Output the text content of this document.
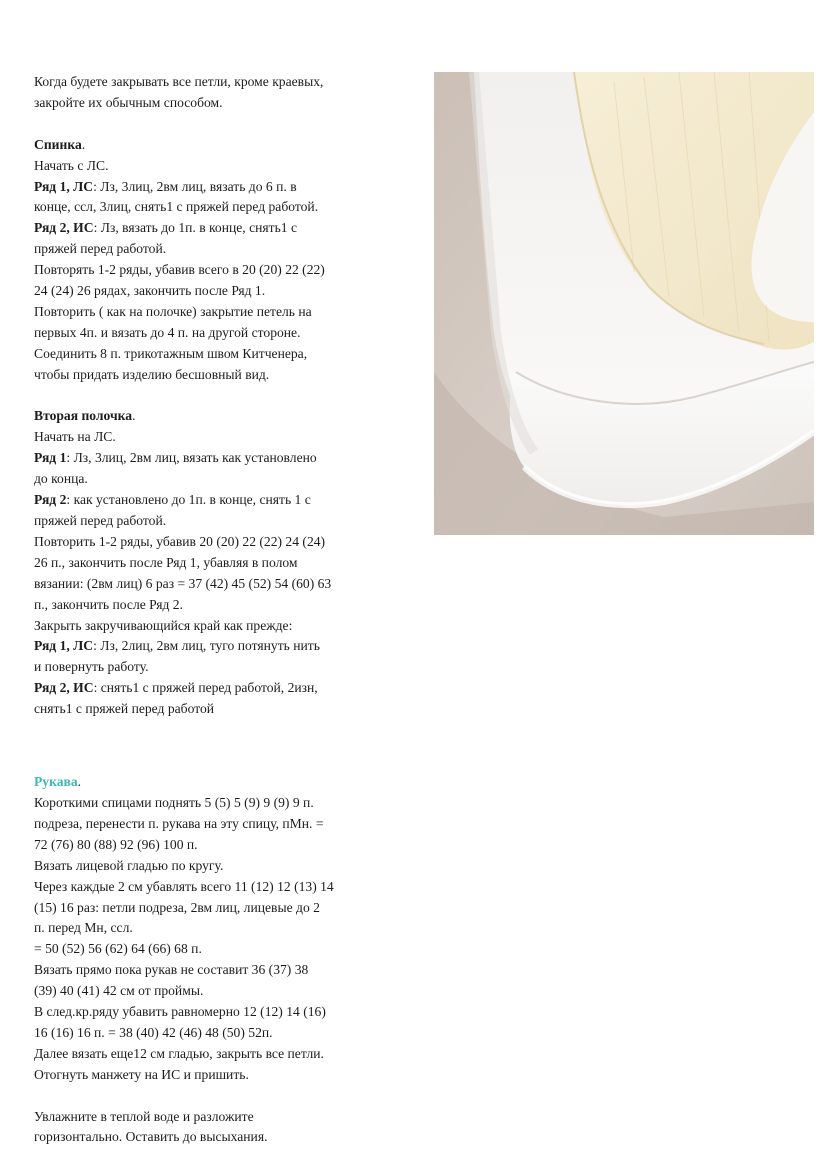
Когда будете закрывать все петли, кроме краевых,

закройте их обычным способом.

Спинка.

Начать с ЛС.

Ряд 1, ЛС: Лз, 3лиц, 2вм лиц, вязать до 6 п. в

конце, ссл, 3лиц, снять1 с пряжей перед работой.

Ряд 2, ИС: Лз, вязать до 1п. в конце, снять1 с

пряжей перед работой.

Повторять 1-2 ряды, убавив всего в 20 (20) 22 (22)

24 (24) 26 рядах, закончить после Ряд 1.

Повторить ( как на полочке) закрытие петель на

первых 4п. и вязать до 4 п. на другой стороне.

Соединить 8 п. трикотажным швом Китченера,

чтобы придать изделию бесшовный вид.

Вторая полочка.

Начать на ЛС.

Ряд 1: Лз, 3лиц, 2вм лиц, вязать как установлено

до конца.

Ряд 2: как установлено до 1п. в конце, снять 1 с

пряжей перед работой.

Повторить 1-2 ряды, убавив 20 (20) 22 (22) 24 (24)

26 п., закончить после Ряд 1, убавляя в полом

вязании: (2вм лиц) 6 раз = 37 (42) 45 (52) 54 (60) 63

п., закончить после Ряд 2.

Закрыть закручивающийся край как прежде:

Ряд 1, ЛС: Лз, 2лиц, 2вм лиц, туго потянуть нить

и повернуть работу.

Ряд 2, ИС: снять1 с пряжей перед работой, 2изн,

снять1 с пряжей перед работой

Рукава.

Короткими спицами поднять 5 (5) 5 (9) 9 (9) 9 п.

подреза, перенести п. рукава на эту спицу, пМн. =

72 (76) 80 (88) 92 (96) 100 п.

Вязать лицевой гладью по кругу.

Через каждые 2 см убавлять всего 11 (12) 12 (13) 14

(15) 16 раз: петли подреза, 2вм лиц, лицевые до 2

п. перед Мн, ссл.

= 50 (52) 56 (62) 64 (66) 68 п.

Вязать прямо пока рукав не составит 36 (37) 38

(39) 40 (41) 42 см от проймы.

В след.кр.ряду убавить равномерно 12 (12) 14 (16)

16 (16) 16 п. = 38 (40) 42 (46) 48 (50) 52п.

Далее вязать еще12 см гладью, закрыть все петли.

Отогнуть манжету на ИС и пришить.

Увлажните в теплой воде и разложите

горизонтально. Оставить до высыхания.
